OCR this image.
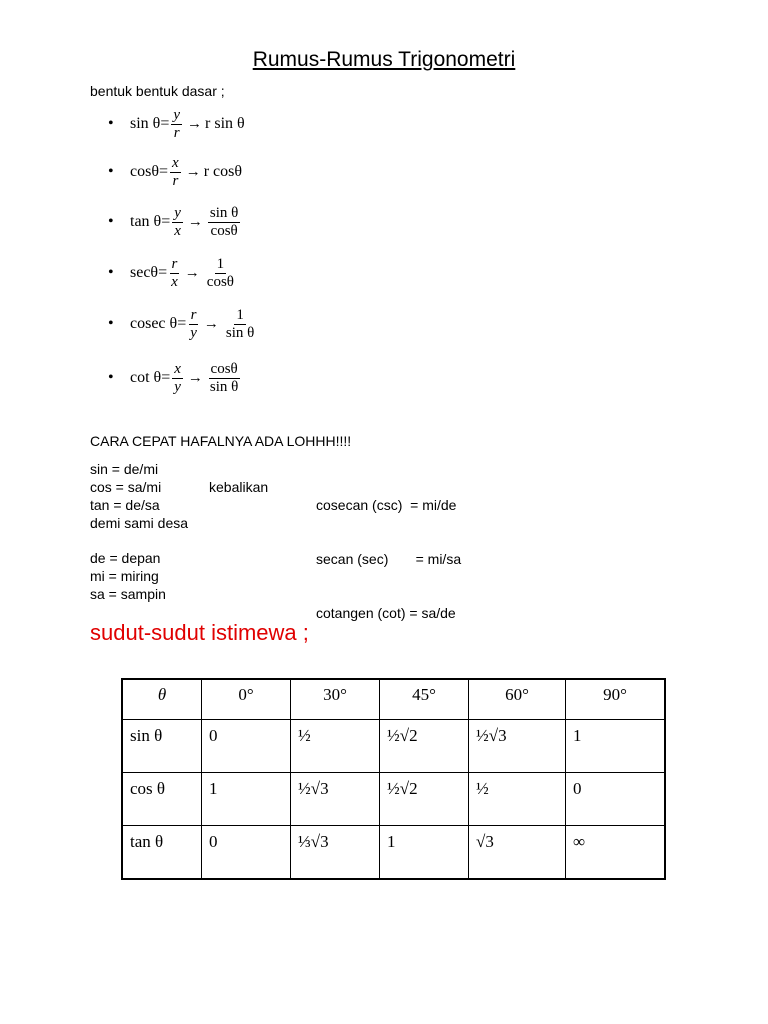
Rumus-Rumus Trigonometri
bentuk bentuk dasar ;
•	$\sin \theta = \frac{y}{r} \to r$ sin θ
•	$\cos\theta = \frac{x}{r} \to r$ cosθ
•	$\tan \theta = \frac{y}{x} \to \frac{\text{sin θ}}{\cos\theta}$
•	$\sec\theta = \frac{r}{x} \to \frac{1}{\cos\theta}$
•	cosec $\theta = \frac{r}{y} \to \frac{1}{\text{sin θ}}$
•	$\cot \theta = \frac{x}{y} \to \frac{\cos\theta}{\text{sin θ}}$
CARA CEPAT HAFALNYA ADA LOHHH!!!!
sin = de/mi
cos = sa/mi
tan = de/sa
demi sami desa
kebalikan

cosecan (csc)  = mi/de

secan (sec)       = mi/sa

cotangen (cot) = sa/de

de = depan
mi = miring
sa = sampin
sudut-sudut istimewa ;
θ	0°	30°	45°	60°	90°
sin θ	0	½	½√2	½√3	1
cos θ	1	½√3	½√2	½	0
tan θ	0	⅓√3	1	√3	∞
